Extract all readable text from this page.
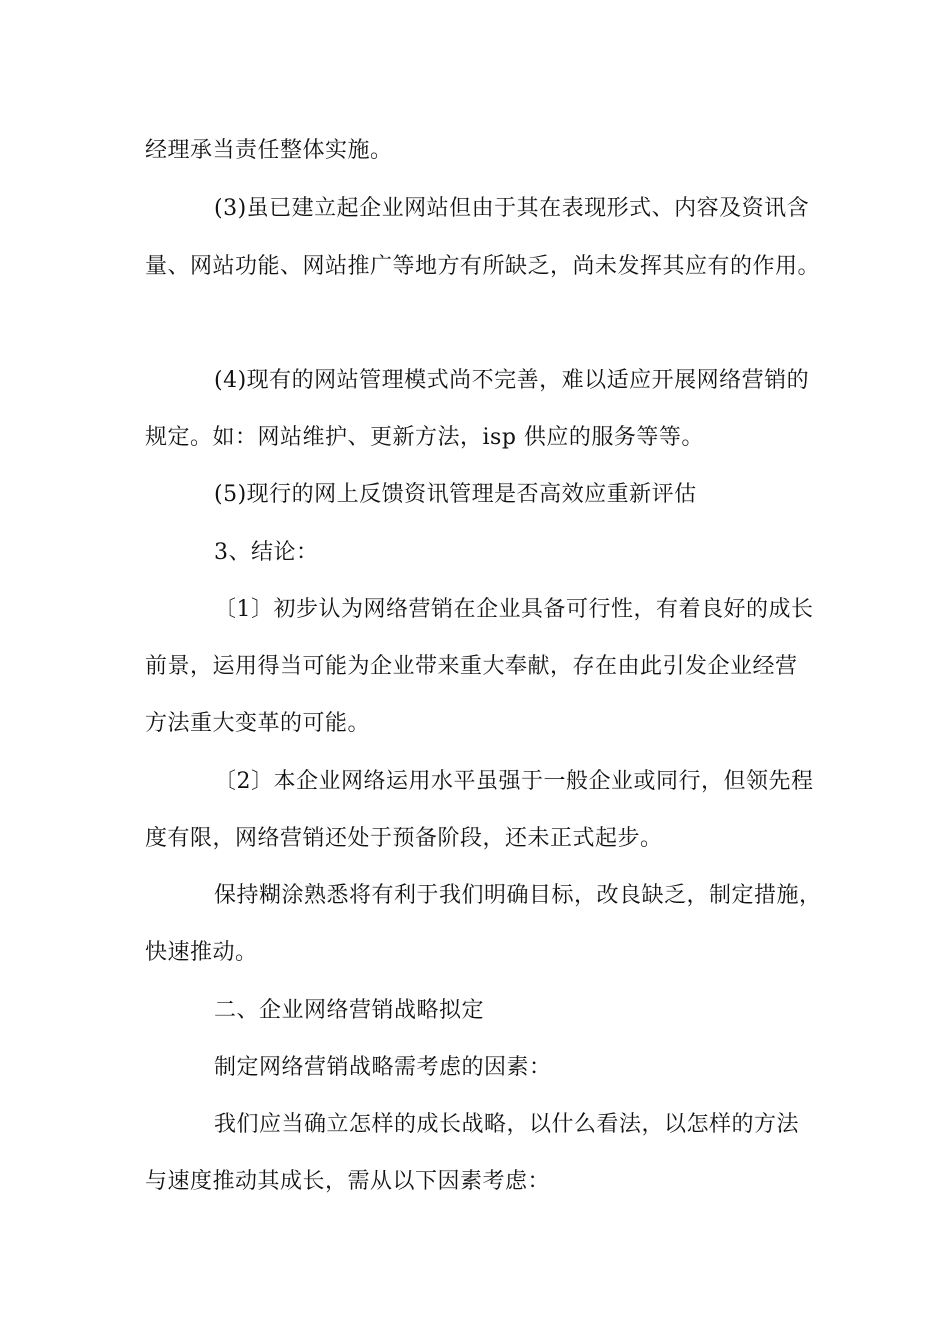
经理承当责任整体实施。
(3)虽已建立起企业网站但由于其在表现形式、内容及资讯含
量、网站功能、网站推广等地方有所缺乏，尚未发挥其应有的作用。
(4)现有的网站管理模式尚不完善，难以适应开展网络营销的
规定。如：网站维护、更新方法，isp 供应的服务等等。
(5)现行的网上反馈资讯管理是否高效应重新评估
3、结论：
〔1〕初步认为网络营销在企业具备可行性，有着良好的成长
前景，运用得当可能为企业带来重大奉献，存在由此引发企业经营
方法重大变革的可能。
〔2〕本企业网络运用水平虽强于一般企业或同行，但领先程
度有限，网络营销还处于预备阶段，还未正式起步。
保持糊涂熟悉将有利于我们明确目标，改良缺乏，制定措施，
快速推动。
二、企业网络营销战略拟定
制定网络营销战略需考虑的因素：
我们应当确立怎样的成长战略，以什么看法，以怎样的方法
与速度推动其成长，需从以下因素考虑：
